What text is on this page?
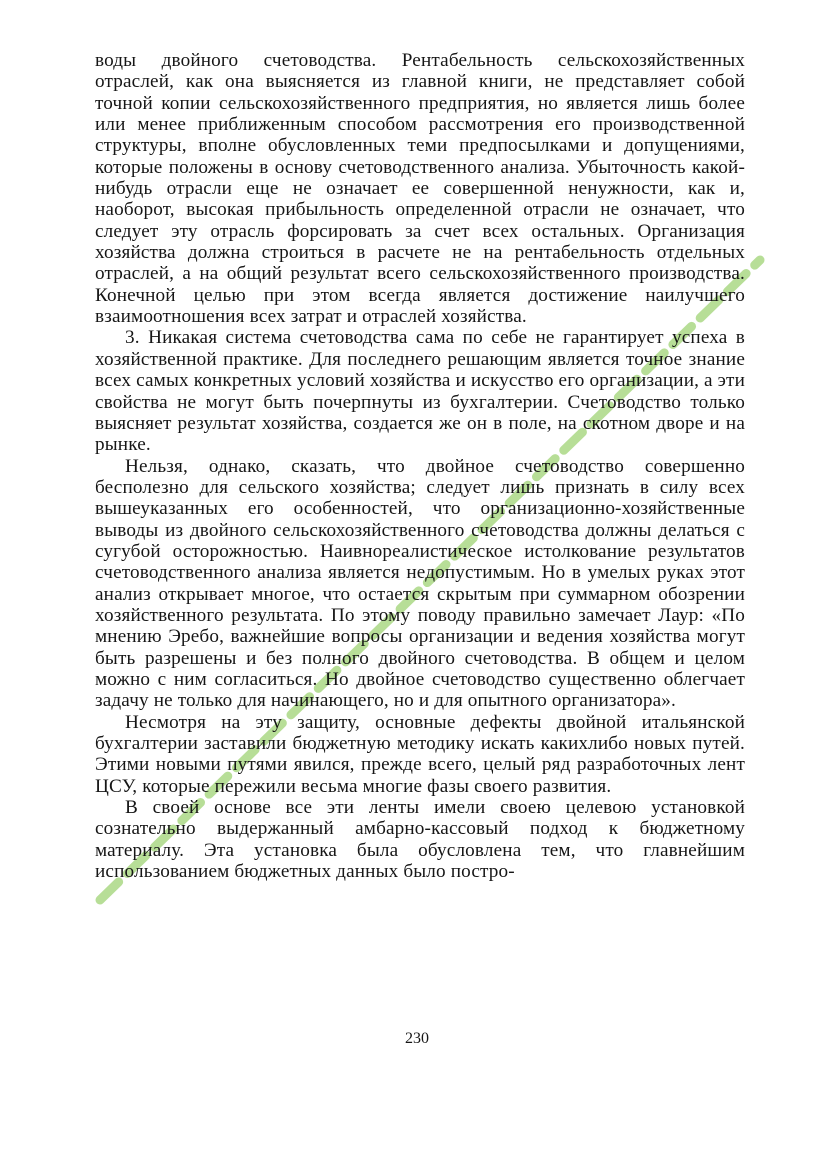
воды двойного счетоводства. Рентабельность сельскохозяйственных отраслей, как она выясняется из главной книги, не представляет собой точной копии сельскохозяйственного предприятия, но является лишь более или менее приближенным способом рассмотрения его производственной структуры, вполне обусловленных теми предпосылками и допущениями, которые положены в основу счетоводственного анализа. Убыточность какой-нибудь отрасли еще не означает ее совершенной ненужности, как и, наоборот, высокая прибыльность определенной отрасли не означает, что следует эту отрасль форсировать за счет всех остальных. Организация хозяйства должна строиться в расчете не на рентабельность отдельных отраслей, а на общий результат всего сельскохозяйственного производства. Конечной целью при этом всегда является достижение наилучшего взаимоотношения всех затрат и отраслей хозяйства.

3. Никакая система счетоводства сама по себе не гарантирует успеха в хозяйственной практике. Для последнего решающим является точное знание всех самых конкретных условий хозяйства и искусство его организации, а эти свойства не могут быть почерпнуты из бухгалтерии. Счетоводство только выясняет результат хозяйства, создается же он в поле, на скотном дворе и на рынке.

Нельзя, однако, сказать, что двойное счетоводство совершенно бесполезно для сельского хозяйства; следует лишь признать в силу всех вышеуказанных его особенностей, что организационно-хозяйственные выводы из двойного сельскохозяйственного счетоводства должны делаться с сугубой осторожностью. Наивнореалистическое истолкование результатов счетоводственного анализа является недопустимым. Но в умелых руках этот анализ открывает многое, что остается скрытым при суммарном обозрении хозяйственного результата. По этому поводу правильно замечает Лаур: «По мнению Эребо, важнейшие вопросы организации и ведения хозяйства могут быть разрешены и без полного двойного счетоводства. В общем и целом можно с ним согласиться. Но двойное счетоводство существенно облегчает задачу не только для начинающего, но и для опытного организатора».

Несмотря на эту защиту, основные дефекты двойной итальянской бухгалтерии заставили бюджетную методику искать какихлибо новых путей. Этими новыми путями явился, прежде всего, целый ряд разработочных лент ЦСУ, которые пережили весьма многие фазы своего развития.

В своей основе все эти ленты имели своею целевою установкой сознательно выдержанный амбарно-кассовый подход к бюджетному материалу. Эта установка была обусловлена тем, что главнейшим использованием бюджетных данных было постро-

230
